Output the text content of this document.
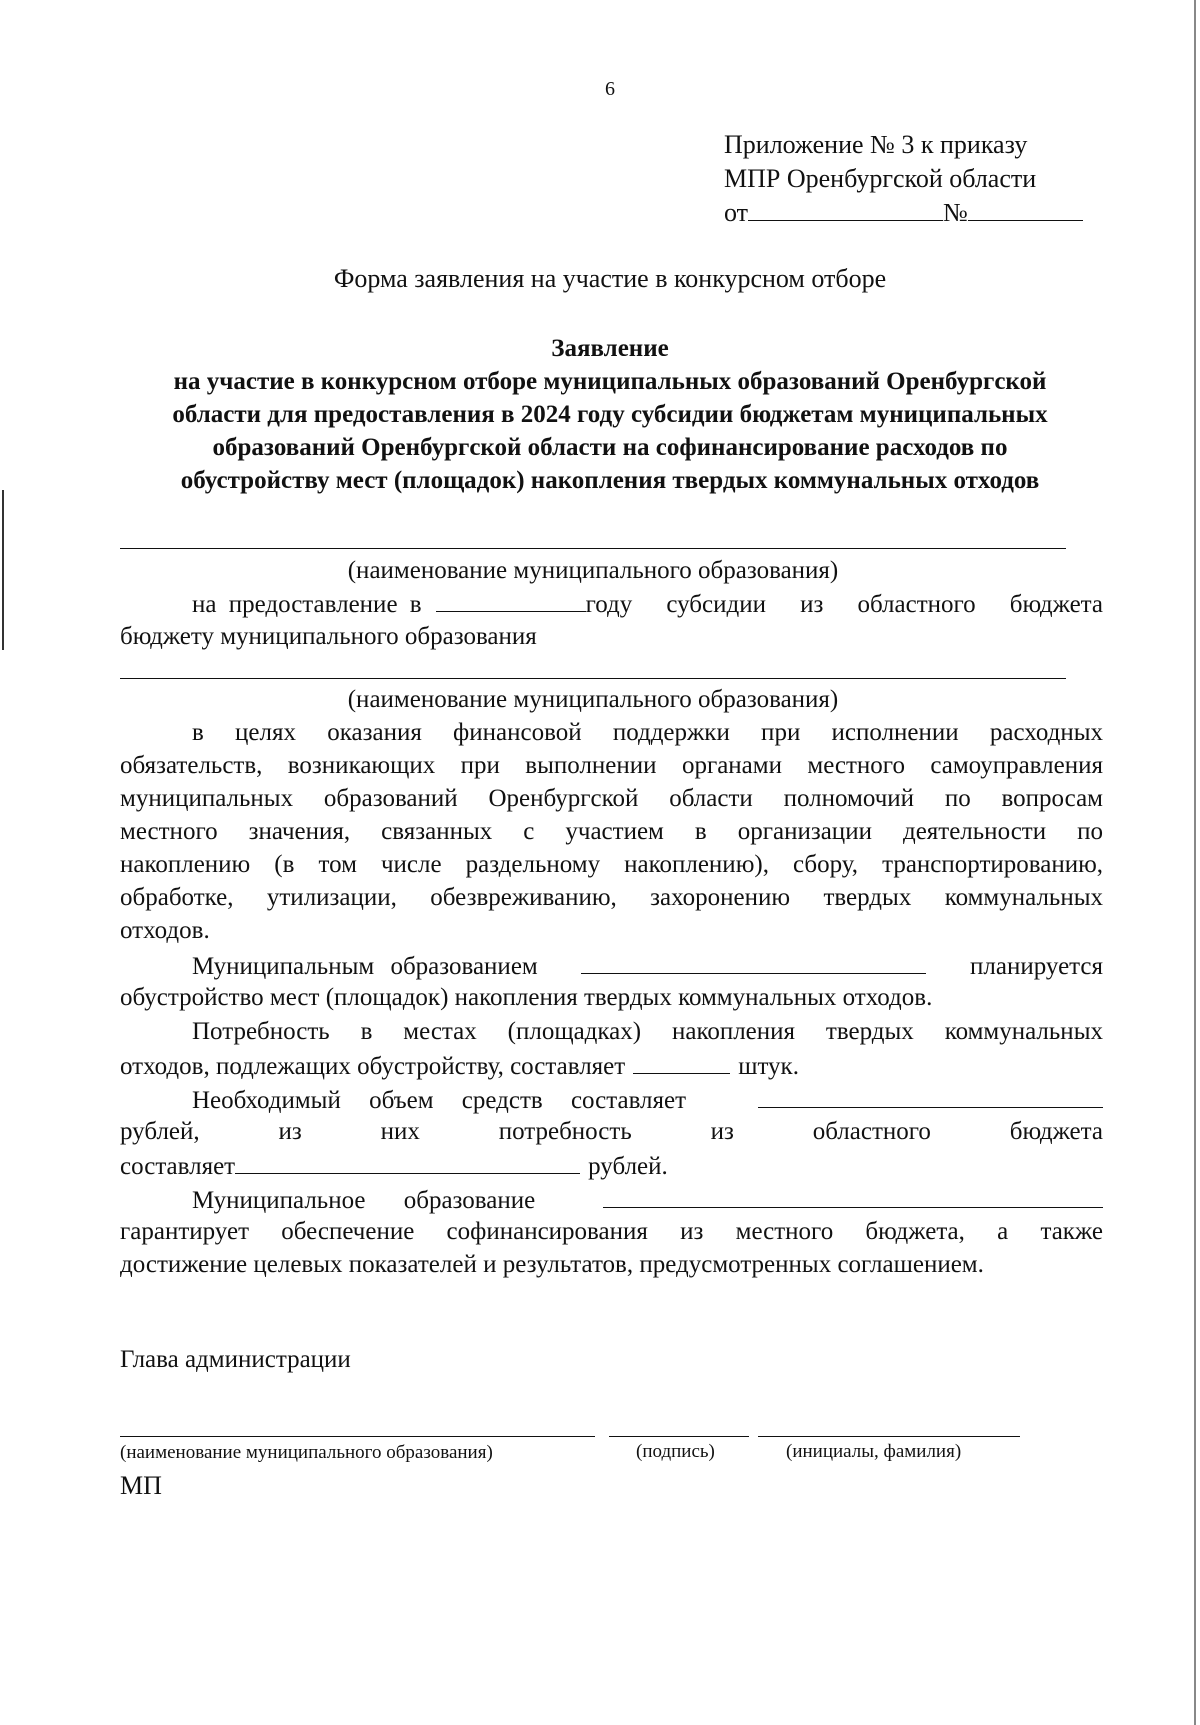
6
Приложение № 3 к приказу
МПР Оренбургской области
от	№
Форма заявления на участие в конкурсном отборе
Заявление
на участие в конкурсном отборе муниципальных образований Оренбургской
области для предоставления в 2024 году субсидии бюджетам муниципальных
образований Оренбургской области на софинансирование расходов по
обустройству мест (площадок) накопления твердых коммунальных отходов
(наименование муниципального образования)
на предоставление в	году субсидии из областного бюджета
бюджету муниципального образования
(наименование муниципального образования)
в целях оказания финансовой поддержки при исполнении расходных
обязательств, возникающих при выполнении органами местного самоуправления
муниципальных образований Оренбургской области полномочий по вопросам
местного значения, связанных с участием в организации деятельности по
накоплению (в том числе раздельному накоплению), сбору, транспортированию,
обработке, утилизации, обезвреживанию, захоронению твердых коммунальных
отходов.
Муниципальным образованием	планируется
обустройство мест (площадок) накопления твердых коммунальных отходов.
Потребность в местах (площадках) накопления твердых коммунальных
отходов, подлежащих обустройству, составляет	штук.
Необходимый объем средств составляет
рублей,	из	них	потребность	из	областного	бюджета
составляет	рублей.
Муниципальное образование
гарантирует обеспечение софинансирования из местного бюджета, а также
достижение целевых показателей и результатов, предусмотренных соглашением.
Глава администрации
(наименование муниципального образования)	(подпись)	(инициалы, фамилия)
МП
